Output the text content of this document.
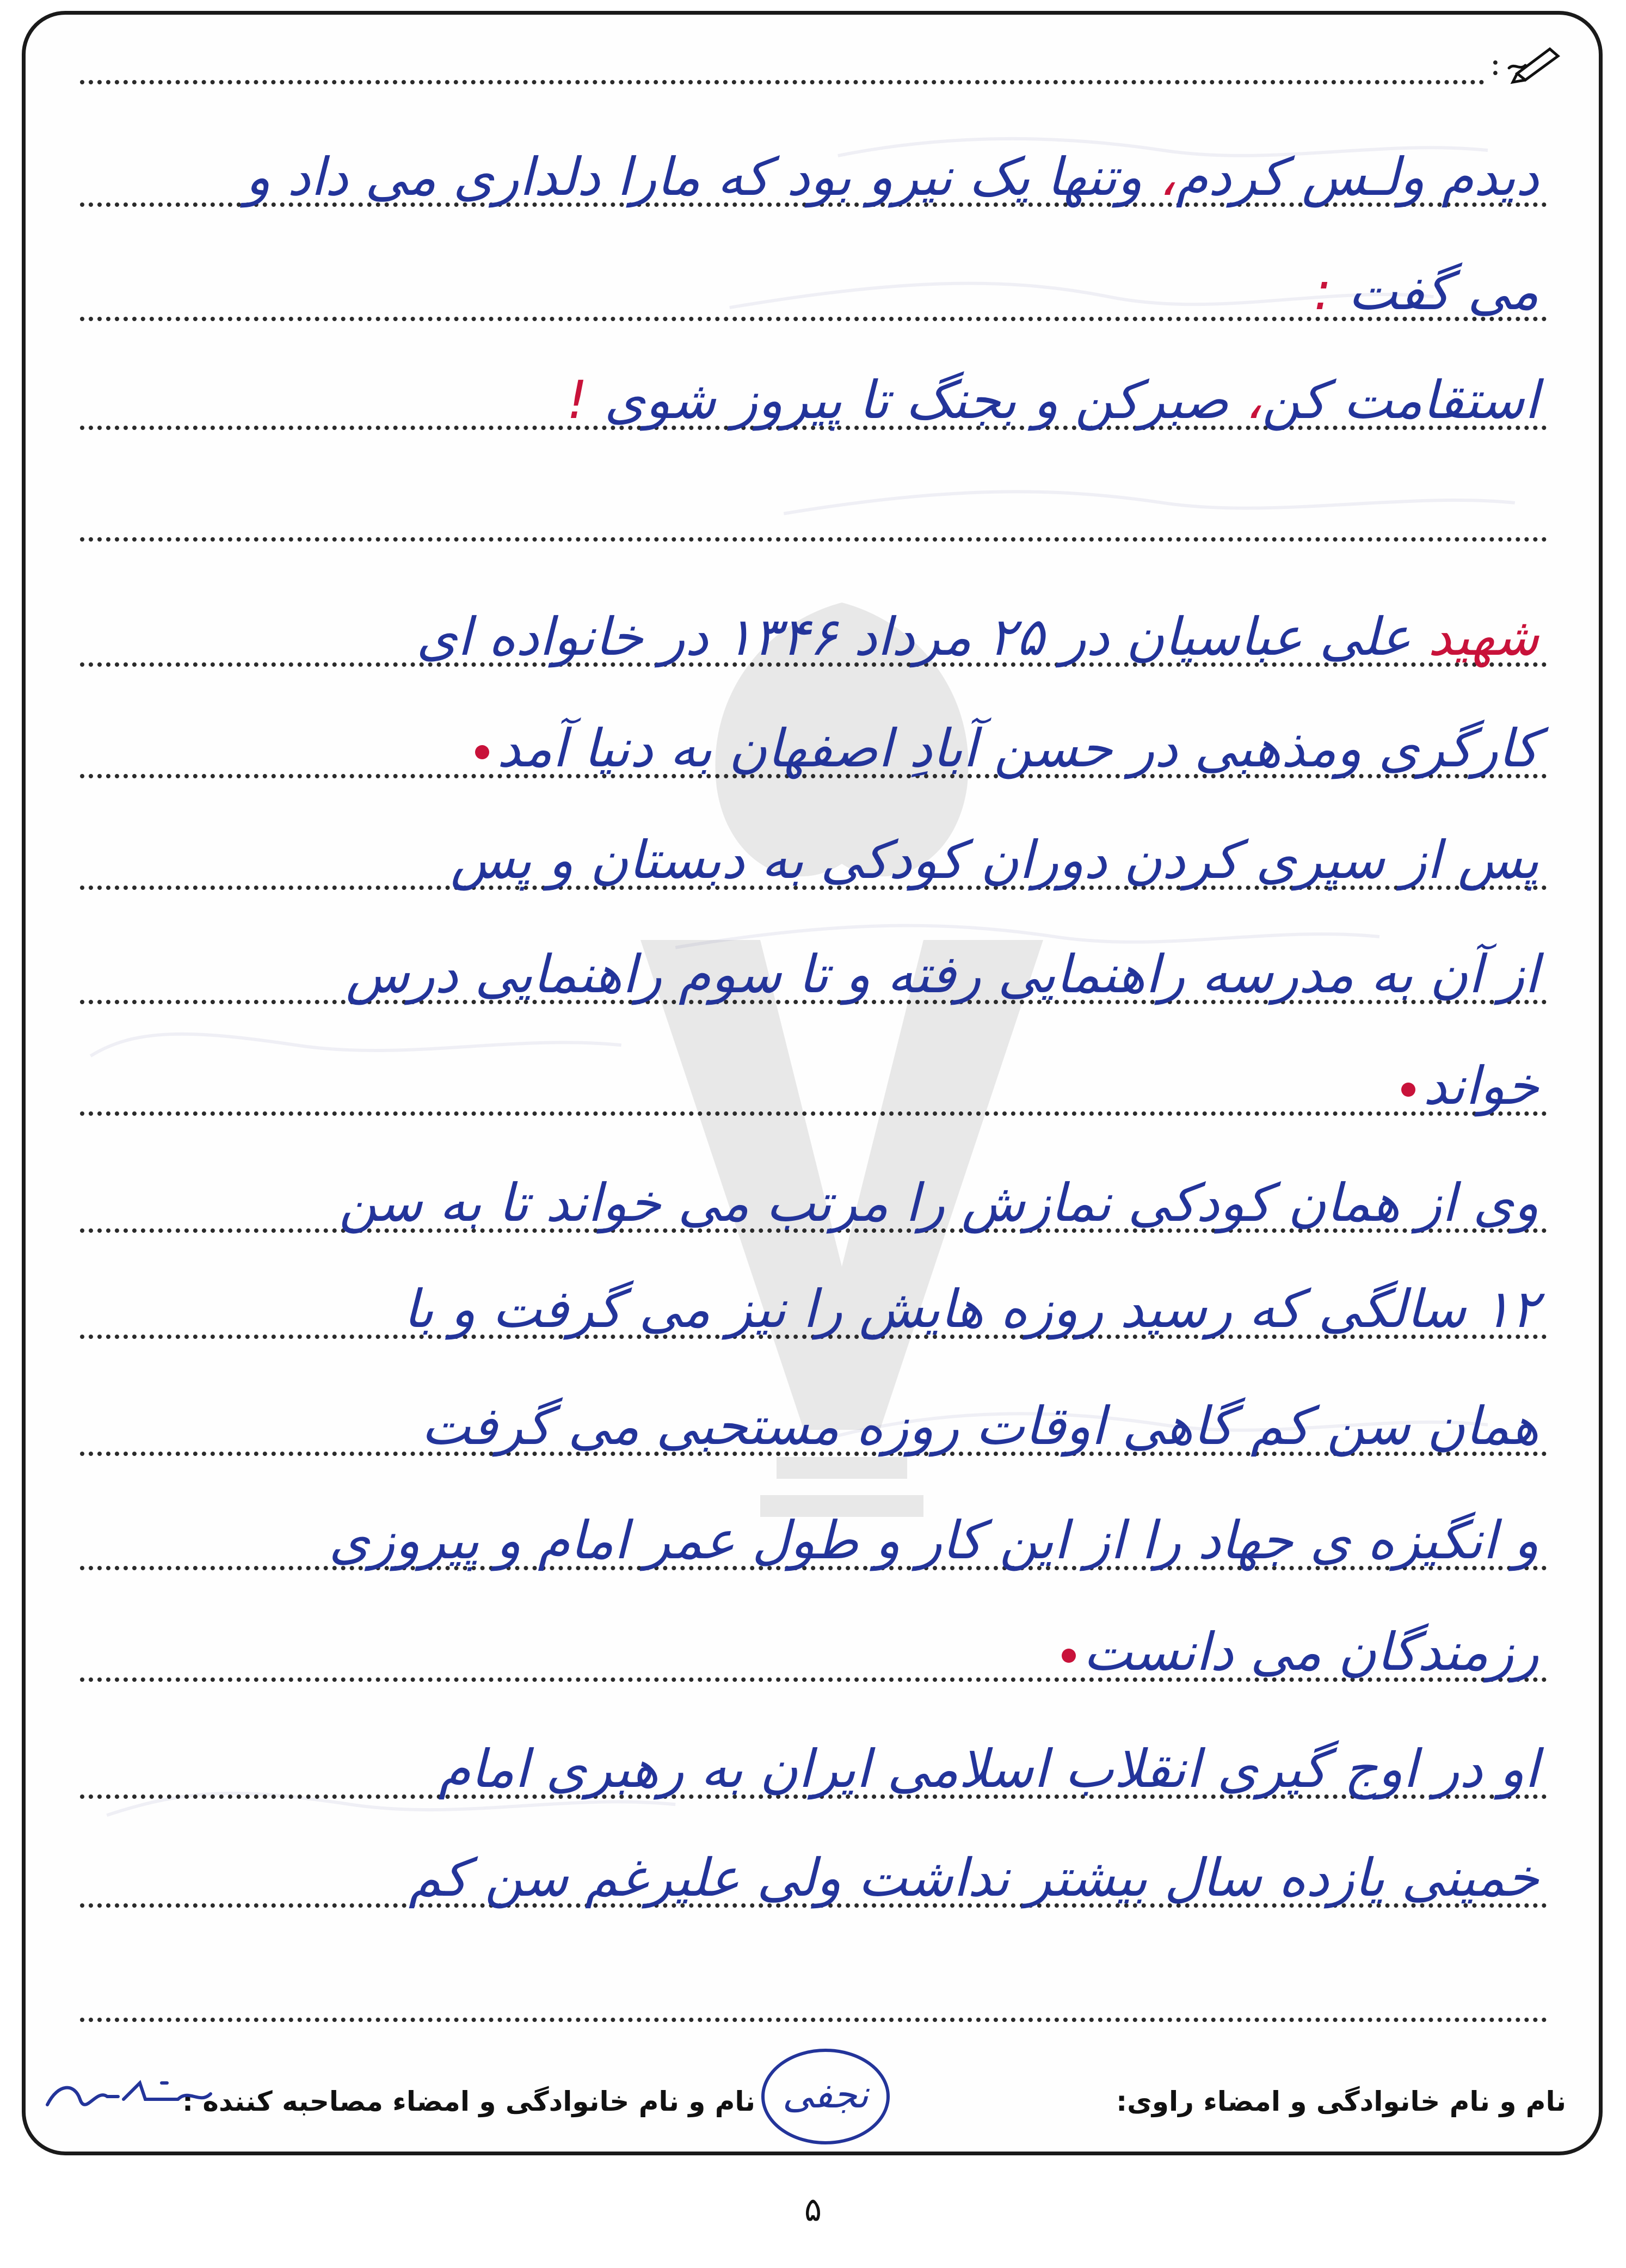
:
دیدم ولـس کردم، وتنها یک نیرو بود که مارا دلداری می داد و
می گفت :
استقامت کن، صبرکن و بجنگ تا پیروز شوی !
شهید علی عباسیان در ۲۵ مرداد ۱۳۴۶ در خانواده ای
کارگری ومذهبی در حسن آبادِ اصفهان به دنیا آمد
پس از سپری کردن دوران کودکی به دبستان و پس
از آن به مدرسه راهنمایی رفته و تا سوم راهنمایی درس
خواند
وی از همان کودکی نمازش را مرتب می خواند تا به سن
۱۲ سالگی که رسید روزه هایش را نیز می گرفت و با
همان سن کم گاهی اوقات روزه مستحبی می گرفت
و انگیزه ی جهاد را از این کار و طول عمر امام و پیروزی
رزمندگان می دانست
او در اوج گیری انقلاب اسلامی ایران به رهبری امام
خمینی یازده سال بیشتر نداشت ولی علیرغم سن کم
نام و نام خانوادگی و امضاء مصاحبه کننده :	نام و نام خانوادگی و امضاء راوی:
نجفی
۵
